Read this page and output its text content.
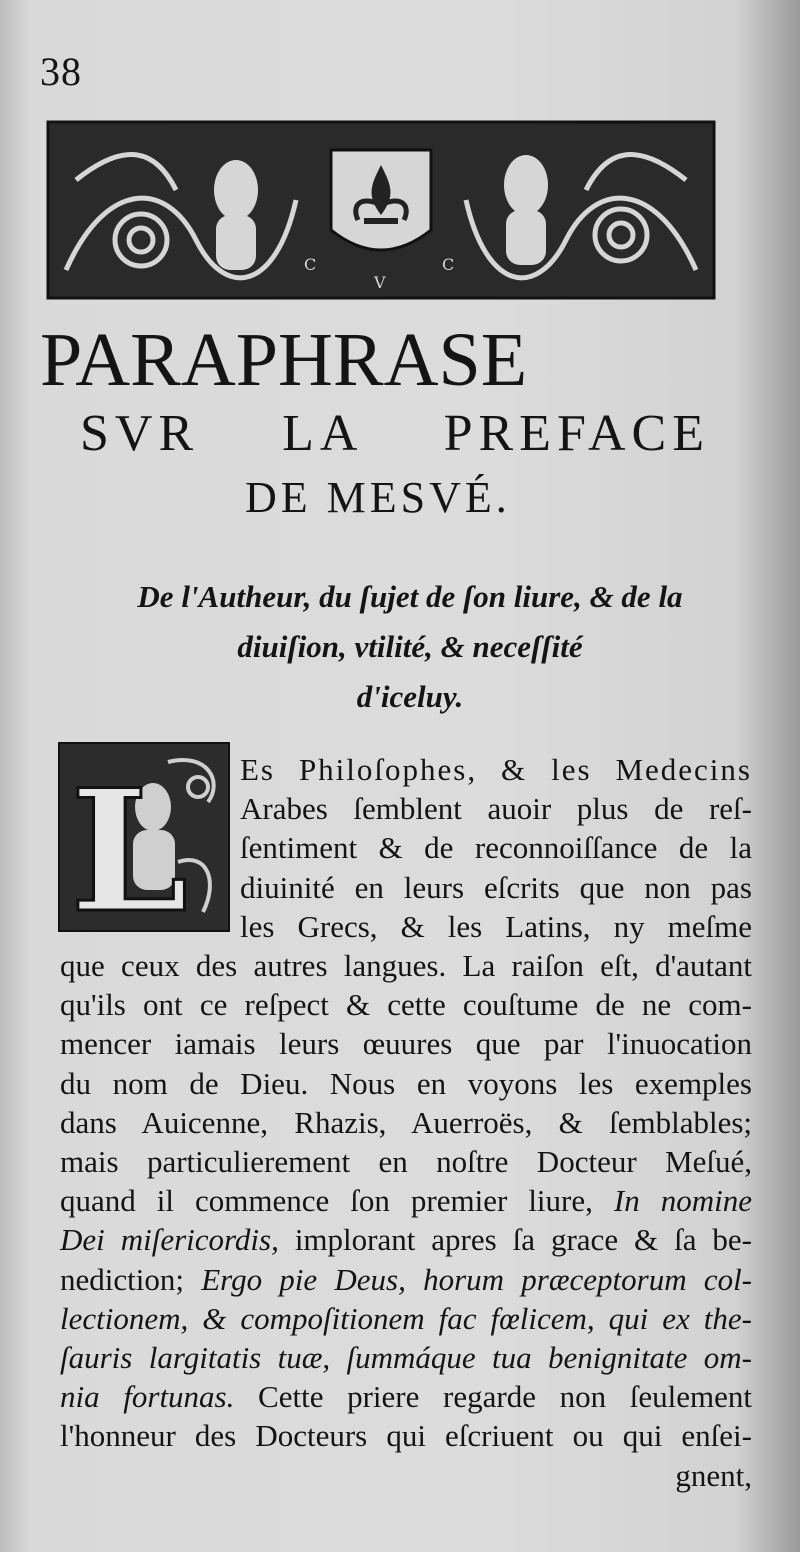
38
C
V
C
PARAPHRASE
SVR LA PREFACE
DE MESVÉ.
De l'Autheur, du ſujet de ſon liure, & de la
diuiſion, vtilité, & neceſſité
d'iceluy.
L Es Philoſophes, & les Medecins
Arabes ſemblent auoir plus de reſ-
ſentiment & de reconnoiſſance de la
diuinité en leurs eſcrits que non pas
les Grecs, & les Latins, ny meſme
que ceux des autres langues. La raiſon eſt, d'autant
qu'ils ont ce reſpect & cette couſtume de ne com-
mencer iamais leurs œuures que par l'inuocation
du nom de Dieu. Nous en voyons les exemples
dans Auicenne, Rhazis, Auerroës, & ſemblables;
mais particulierement en noſtre Docteur Meſué,
quand il commence ſon premier liure, In nomine
Dei miſericordis, implorant apres ſa grace & ſa be-
nediction; Ergo pie Deus, horum præceptorum col-
lectionem, & compoſitionem fac fœlicem, qui ex the-
ſauris largitatis tuæ, ſummáque tua benignitate om-
nia fortunas. Cette priere regarde non ſeulement
l'honneur des Docteurs qui eſcriuent ou qui enſei-
gnent,
